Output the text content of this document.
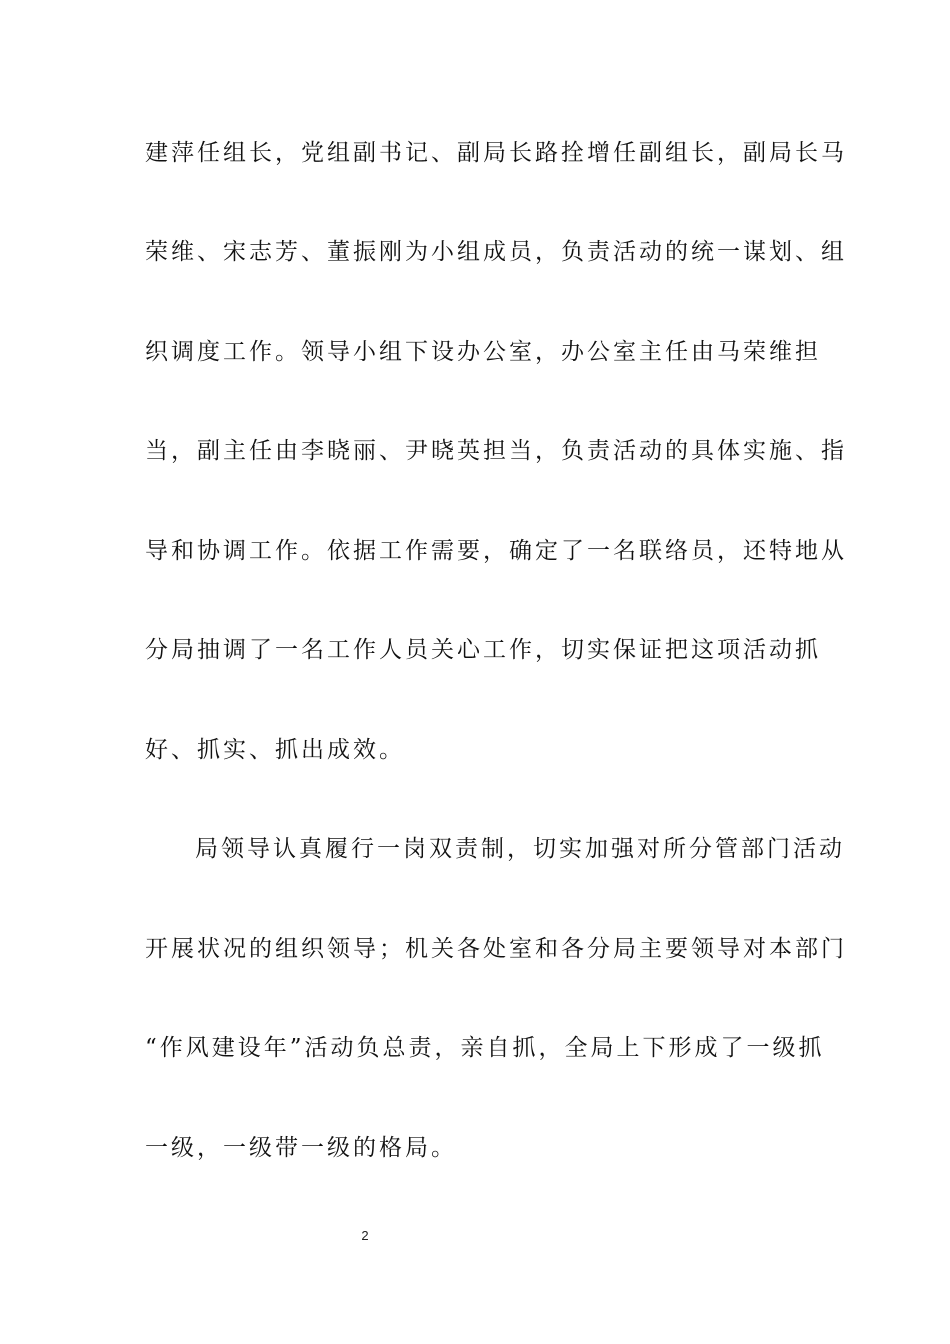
建萍任组长，党组副书记、副局长路拴增任副组长，副局长马
荣维、宋志芳、董振刚为小组成员，负责活动的统一谋划、组
织调度工作。领导小组下设办公室，办公室主任由马荣维担
当，副主任由李晓丽、尹晓英担当，负责活动的具体实施、指
导和协调工作。依据工作需要，确定了一名联络员，还特地从
分局抽调了一名工作人员关心工作，切实保证把这项活动抓
好、抓实、抓出成效。
局领导认真履行一岗双责制，切实加强对所分管部门活动
开展状况的组织领导；机关各处室和各分局主要领导对本部门
“作风建设年”活动负总责，亲自抓，全局上下形成了一级抓
一级，一级带一级的格局。
2
